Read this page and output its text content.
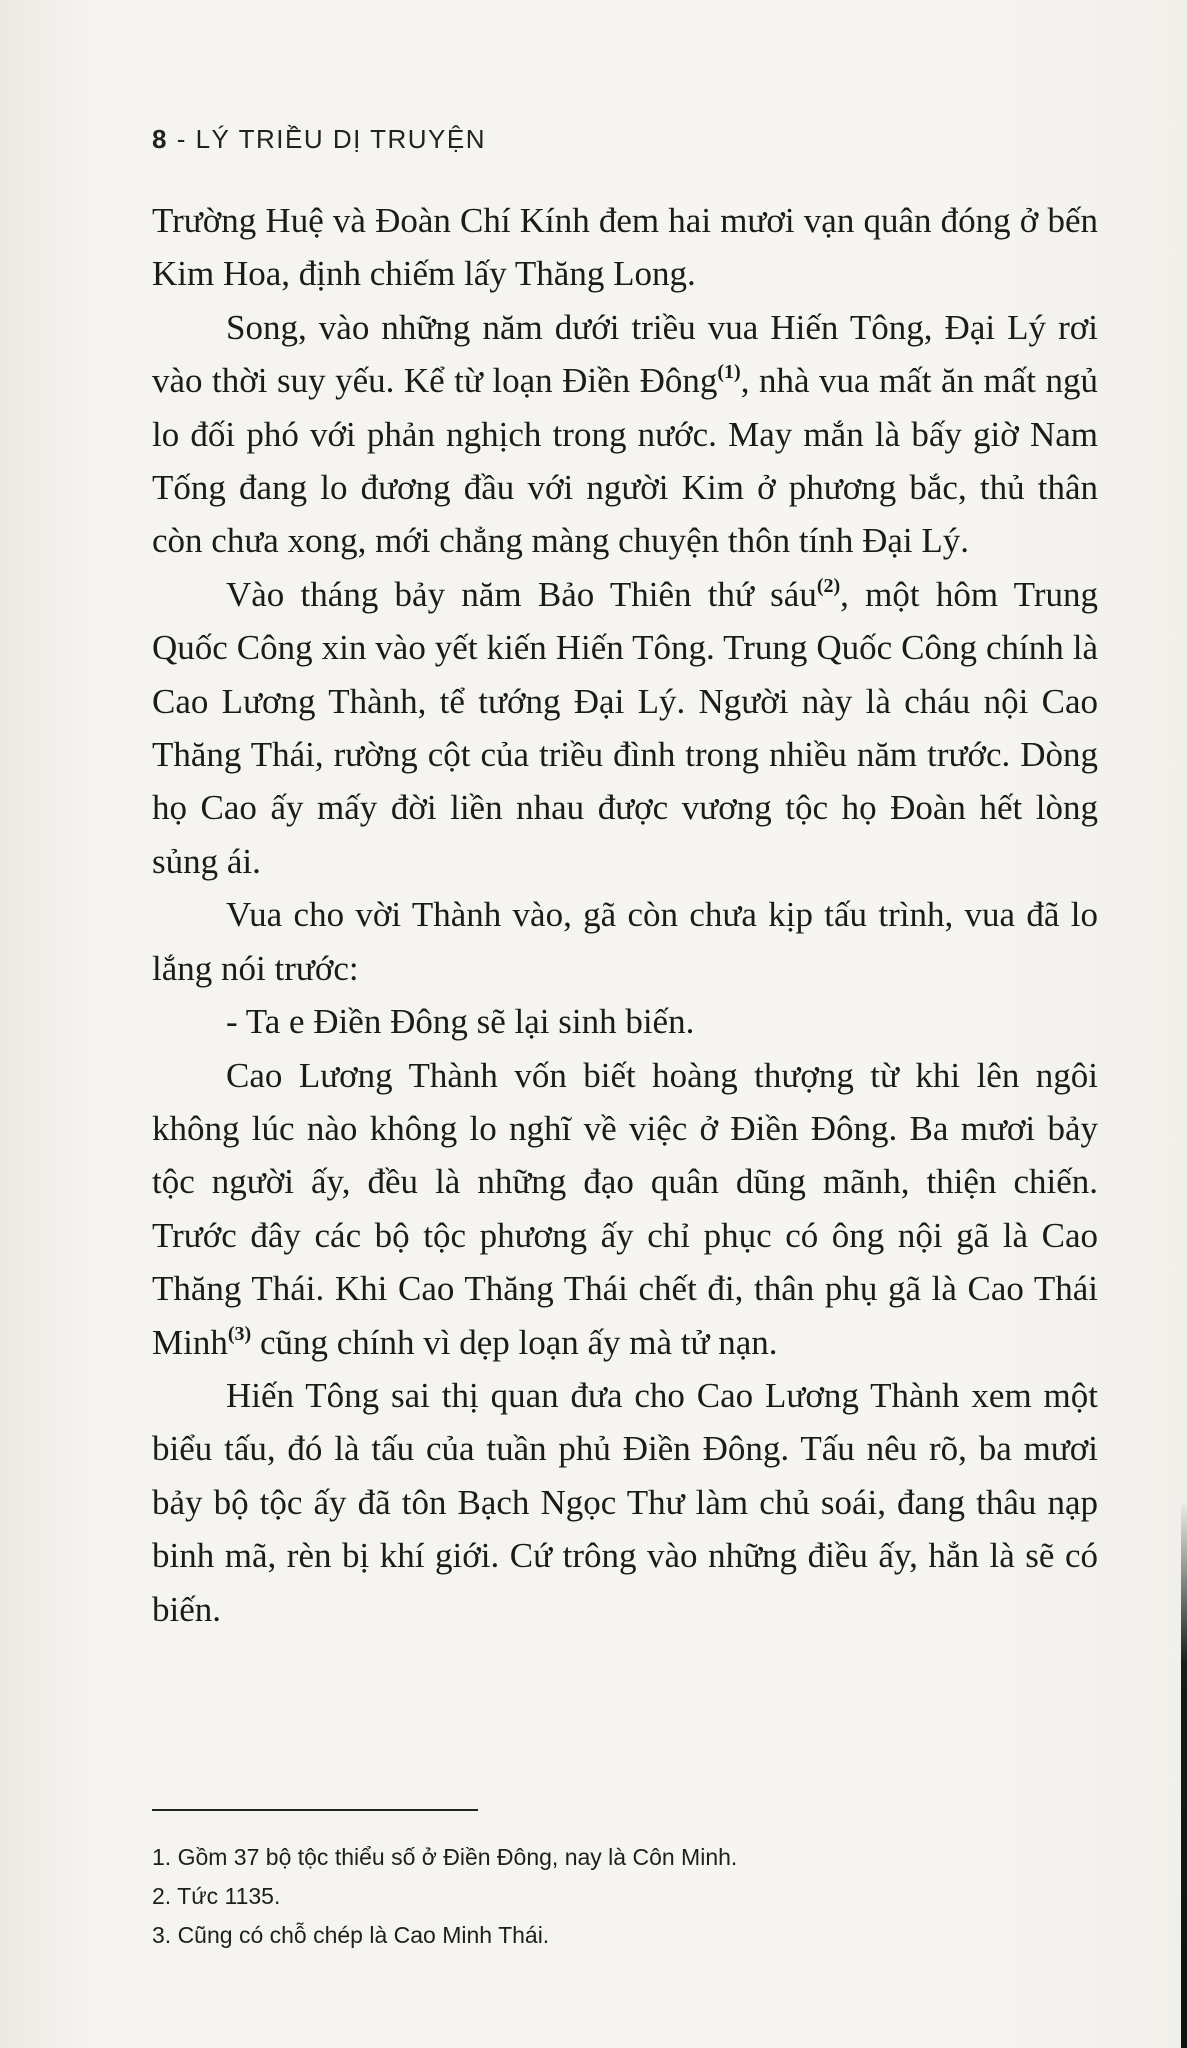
8 - LÝ TRIỀU DỊ TRUYỆN

Trường Huệ và Đoàn Chí Kính đem hai mươi vạn quân đóng ở bến Kim Hoa, định chiếm lấy Thăng Long.

Song, vào những năm dưới triều vua Hiến Tông, Đại Lý rơi vào thời suy yếu. Kể từ loạn Điền Đông$^{(1)}$, nhà vua mất ăn mất ngủ lo đối phó với phản nghịch trong nước. May mắn là bấy giờ Nam Tống đang lo đương đầu với người Kim ở phương bắc, thủ thân còn chưa xong, mới chẳng màng chuyện thôn tính Đại Lý.

Vào tháng bảy năm Bảo Thiên thứ sáu$^{(2)}$, một hôm Trung Quốc Công xin vào yết kiến Hiến Tông. Trung Quốc Công chính là Cao Lương Thành, tể tướng Đại Lý. Người này là cháu nội Cao Thăng Thái, rường cột của triều đình trong nhiều năm trước. Dòng họ Cao ấy mấy đời liền nhau được vương tộc họ Đoàn hết lòng sủng ái.

Vua cho vời Thành vào, gã còn chưa kịp tấu trình, vua đã lo lắng nói trước:

- Ta e Điền Đông sẽ lại sinh biến.

Cao Lương Thành vốn biết hoàng thượng từ khi lên ngôi không lúc nào không lo nghĩ về việc ở Điền Đông. Ba mươi bảy tộc người ấy, đều là những đạo quân dũng mãnh, thiện chiến. Trước đây các bộ tộc phương ấy chỉ phục có ông nội gã là Cao Thăng Thái. Khi Cao Thăng Thái chết đi, thân phụ gã là Cao Thái Minh$^{(3)}$ cũng chính vì dẹp loạn ấy mà tử nạn.

Hiến Tông sai thị quan đưa cho Cao Lương Thành xem một biểu tấu, đó là tấu của tuần phủ Điền Đông. Tấu nêu rõ, ba mươi bảy bộ tộc ấy đã tôn Bạch Ngọc Thư làm chủ soái, đang thâu nạp binh mã, rèn bị khí giới. Cứ trông vào những điều ấy, hẳn là sẽ có biến.

1. Gồm 37 bộ tộc thiểu số ở Điền Đông, nay là Côn Minh.
2. Tức 1135.
3. Cũng có chỗ chép là Cao Minh Thái.
